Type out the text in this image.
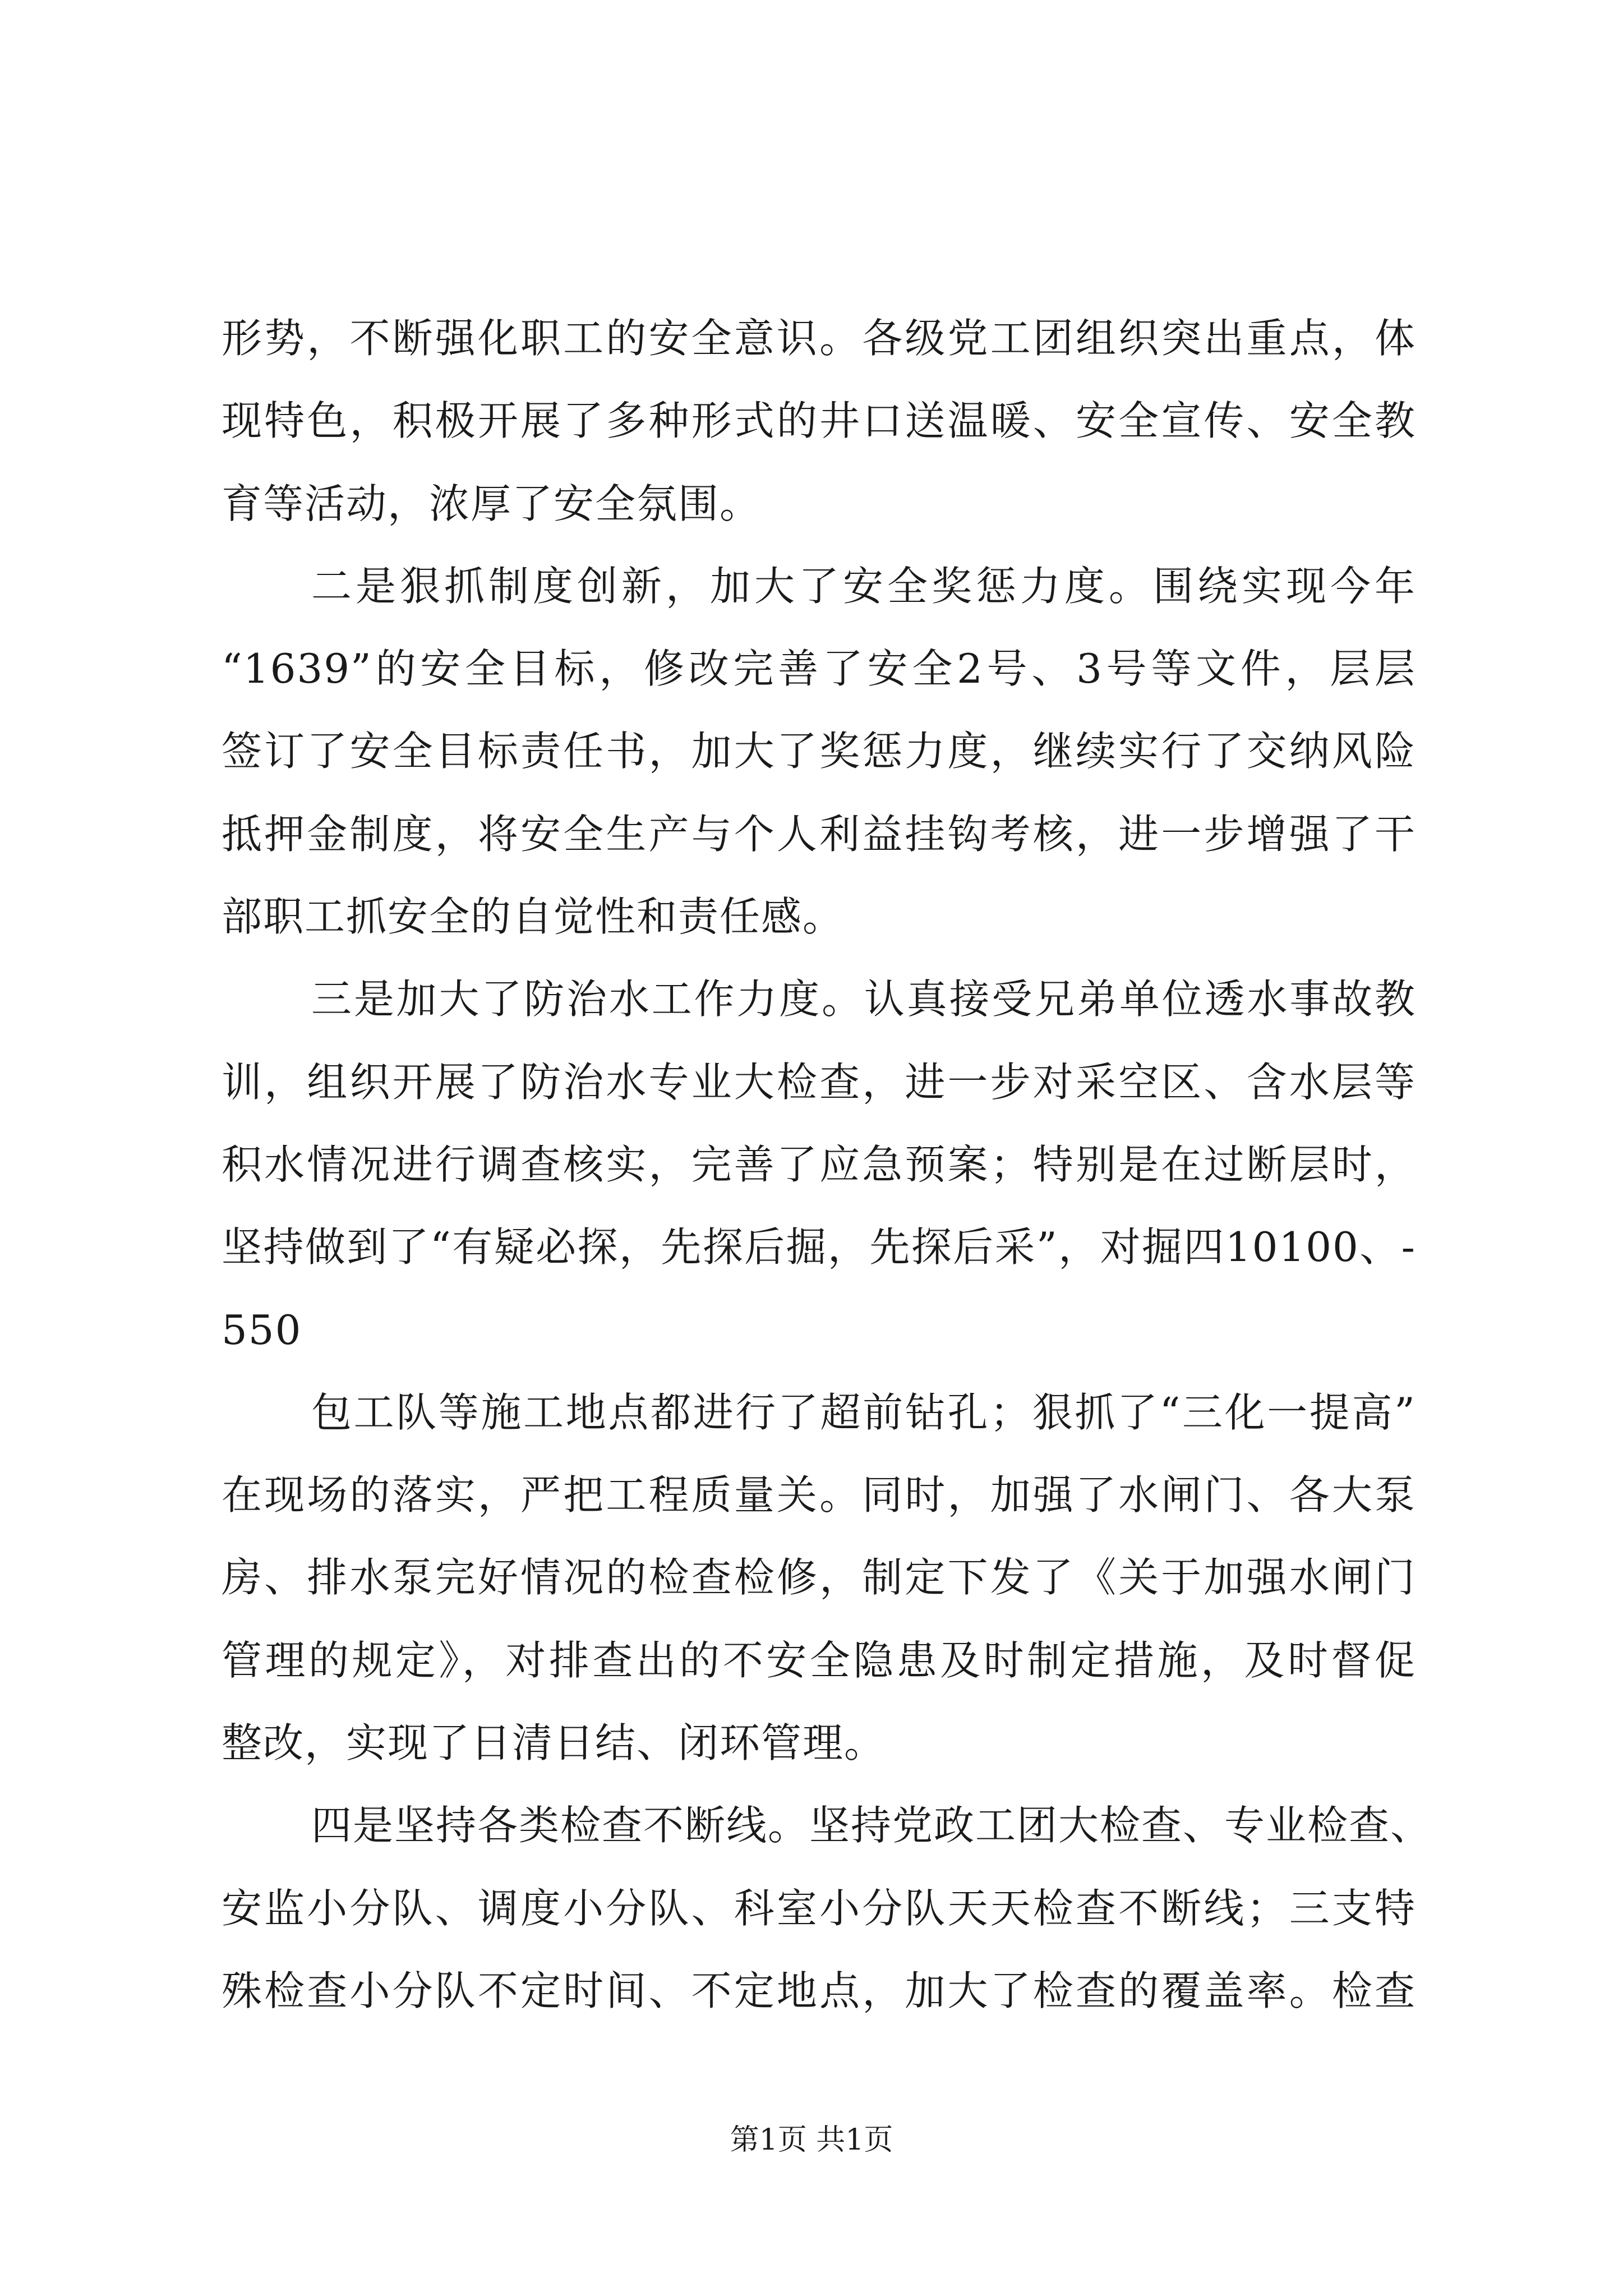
形势，不断强化职工的安全意识。各级党工团组织突出重点，体
现特色，积极开展了多种形式的井口送温暖、安全宣传、安全教
育等活动，浓厚了安全氛围。
二是狠抓制度创新，加大了安全奖惩力度。围绕实现今年
“1639”的安全目标，修改完善了安全2号、3号等文件，层层
签订了安全目标责任书，加大了奖惩力度，继续实行了交纳风险
抵押金制度，将安全生产与个人利益挂钩考核，进一步增强了干
部职工抓安全的自觉性和责任感。
三是加大了防治水工作力度。认真接受兄弟单位透水事故教
训，组织开展了防治水专业大检查，进一步对采空区、含水层等
积水情况进行调查核实，完善了应急预案；特别是在过断层时，
坚持做到了“有疑必探，先探后掘，先探后采”，对掘四10100、-
550
包工队等施工地点都进行了超前钻孔；狠抓了“三化一提高”
在现场的落实，严把工程质量关。同时，加强了水闸门、各大泵
房、排水泵完好情况的检查检修，制定下发了《关于加强水闸门
管理的规定》，对排查出的不安全隐患及时制定措施，及时督促
整改，实现了日清日结、闭环管理。
四是坚持各类检查不断线。坚持党政工团大检查、专业检查、
安监小分队、调度小分队、科室小分队天天检查不断线；三支特
殊检查小分队不定时间、不定地点，加大了检查的覆盖率。检查
第1页 共1页
